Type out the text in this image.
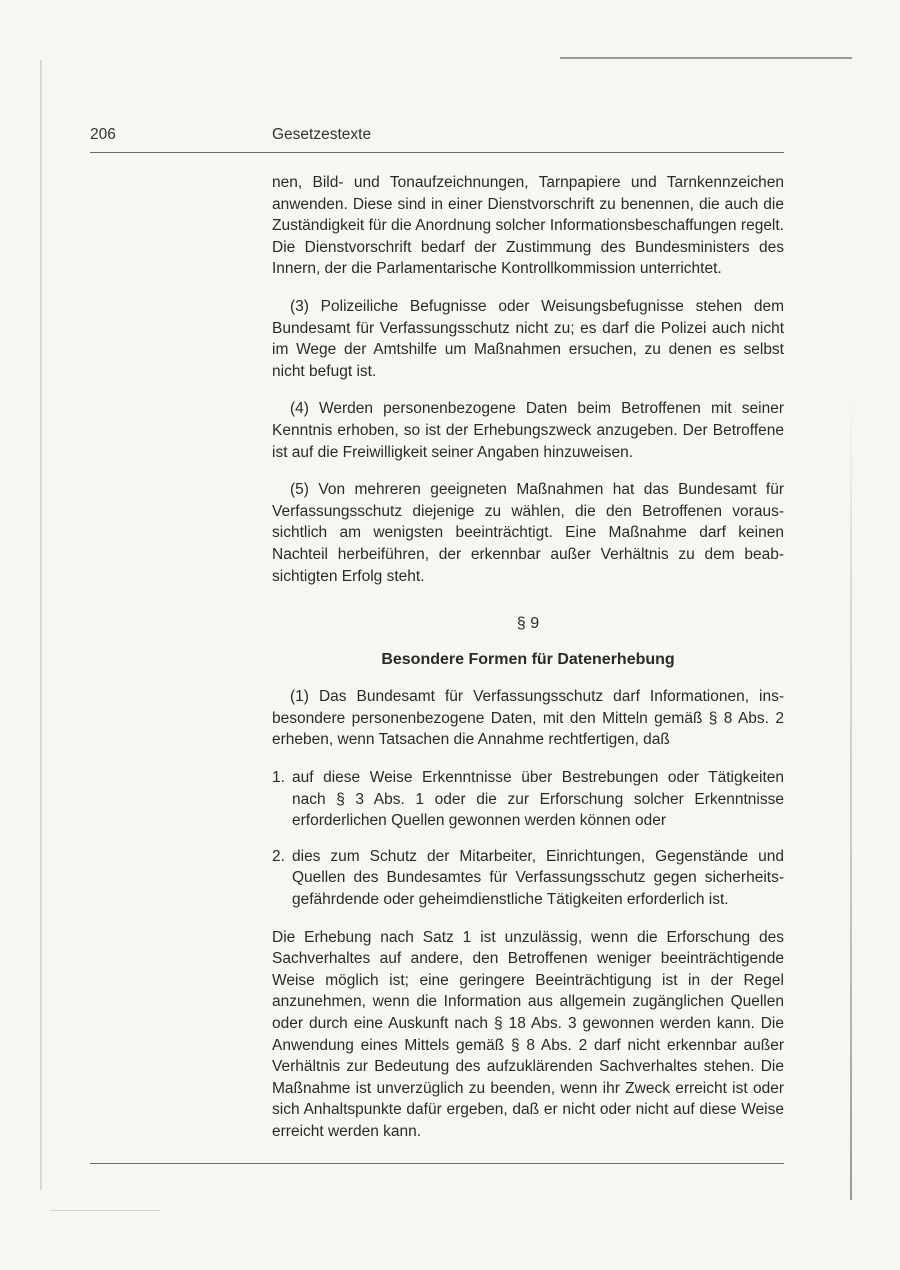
206	Gesetzestexte

nen, Bild- und Tonaufzeichnungen, Tarnpapiere und Tarnkennzeichen anwenden. Diese sind in einer Dienstvorschrift zu benennen, die auch die Zuständigkeit für die Anordnung solcher Informationsbeschaffungen regelt. Die Dienstvorschrift bedarf der Zustimmung des Bundesministers des Innern, der die Parlamentarische Kontrollkommission unterrichtet.

(3) Polizeiliche Befugnisse oder Weisungsbefugnisse stehen dem Bundesamt für Verfassungsschutz nicht zu; es darf die Polizei auch nicht im Wege der Amtshilfe um Maßnahmen ersuchen, zu denen es selbst nicht befugt ist.

(4) Werden personenbezogene Daten beim Betroffenen mit seiner Kenntnis erhoben, so ist der Erhebungszweck anzugeben. Der Betroffene ist auf die Freiwilligkeit seiner Angaben hinzuweisen.

(5) Von mehreren geeigneten Maßnahmen hat das Bundesamt für Verfassungsschutz diejenige zu wählen, die den Betroffenen voraussichtlich am wenigsten beeinträchtigt. Eine Maßnahme darf keinen Nachteil herbeiführen, der erkennbar außer Verhältnis zu dem beabsichtigten Erfolg steht.

§ 9

Besondere Formen für Datenerhebung

(1) Das Bundesamt für Verfassungsschutz darf Informationen, insbesondere personenbezogene Daten, mit den Mitteln gemäß § 8 Abs. 2 erheben, wenn Tatsachen die Annahme rechtfertigen, daß

1. auf diese Weise Erkenntnisse über Bestrebungen oder Tätigkeiten nach § 3 Abs. 1 oder die zur Erforschung solcher Erkenntnisse erforderlichen Quellen gewonnen werden können oder
2. dies zum Schutz der Mitarbeiter, Einrichtungen, Gegenstände und Quellen des Bundesamtes für Verfassungsschutz gegen sicherheitsgefährdende oder geheimdienstliche Tätigkeiten erforderlich ist.

Die Erhebung nach Satz 1 ist unzulässig, wenn die Erforschung des Sachverhaltes auf andere, den Betroffenen weniger beeinträchtigende Weise möglich ist; eine geringere Beeinträchtigung ist in der Regel anzunehmen, wenn die Information aus allgemein zugänglichen Quellen oder durch eine Auskunft nach § 18 Abs. 3 gewonnen werden kann. Die Anwendung eines Mittels gemäß § 8 Abs. 2 darf nicht erkennbar außer Verhältnis zur Bedeutung des aufzuklärenden Sachverhaltes stehen. Die Maßnahme ist unverzüglich zu beenden, wenn ihr Zweck erreicht ist oder sich Anhaltspunkte dafür ergeben, daß er nicht oder nicht auf diese Weise erreicht werden kann.
